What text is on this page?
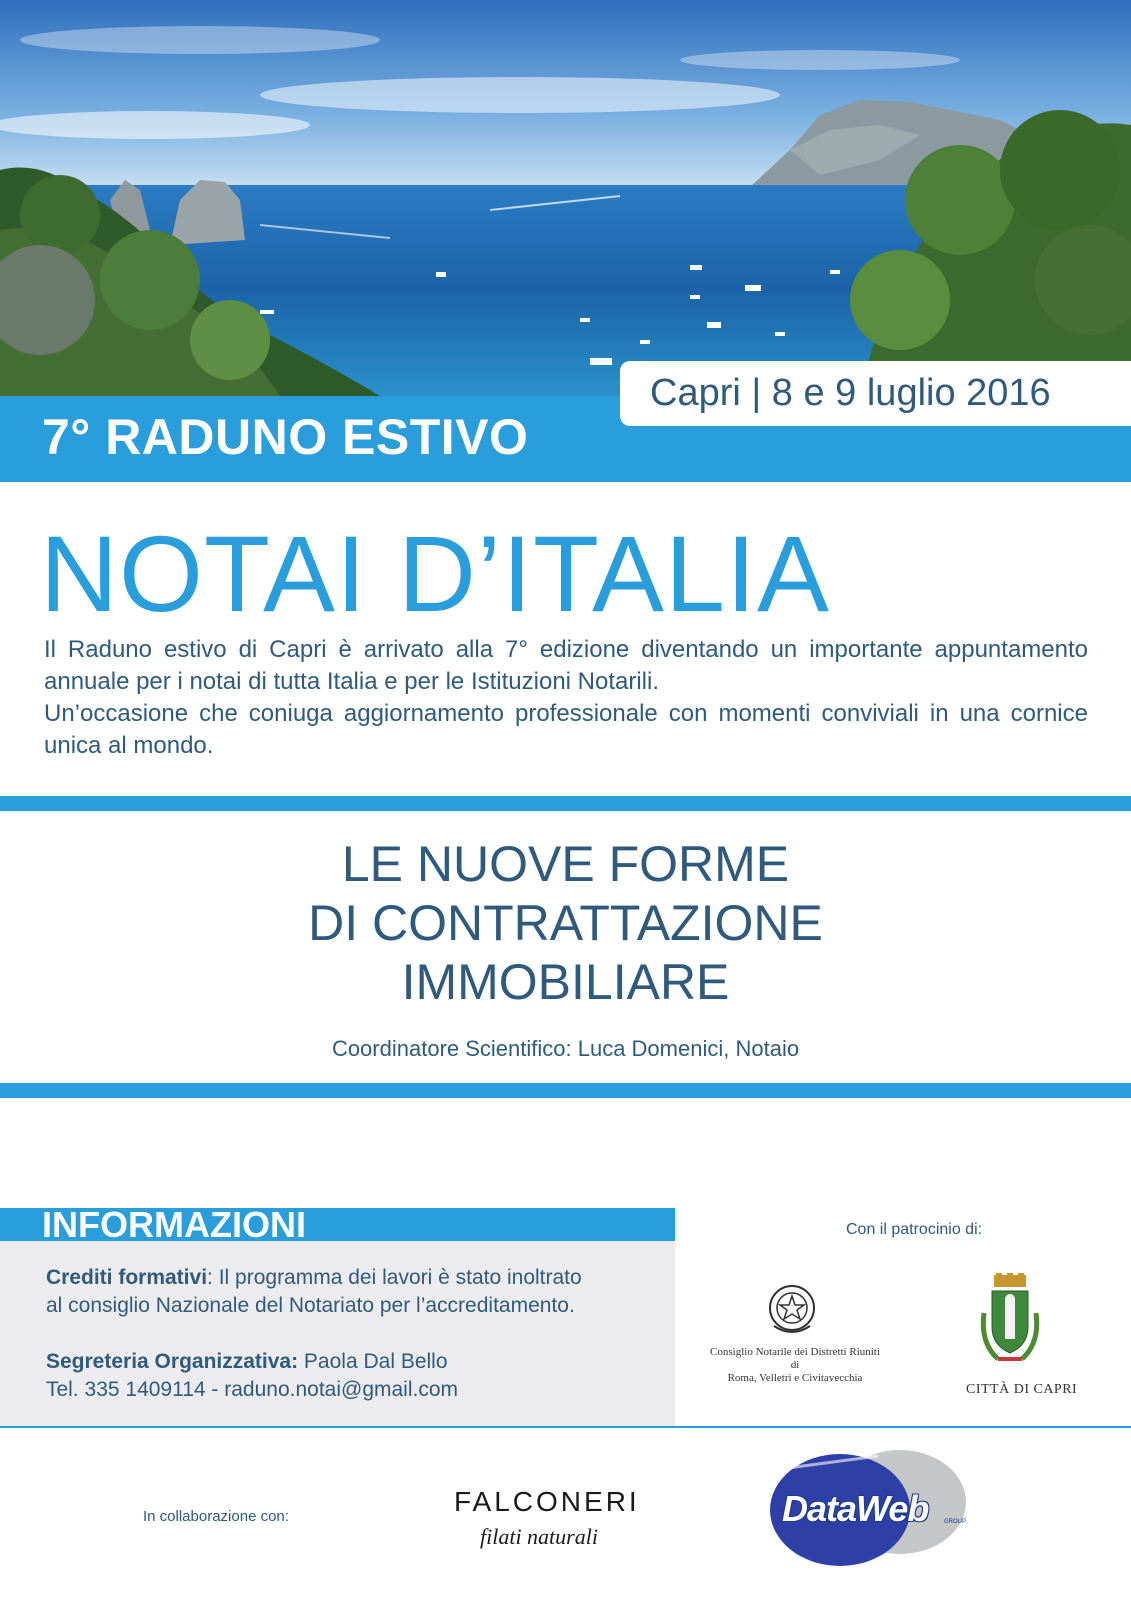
7° RADUNO ESTIVO
Capri | 8 e 9 luglio 2016
NOTAI D’ITALIA

Il Raduno estivo di Capri è arrivato alla 7° edizione diventando un importante appuntamento annuale per i notai di tutta Italia e per le Istituzioni Notarili.

Un’occasione che coniuga aggiornamento professionale con momenti conviviali in una cornice unica al mondo.

LE NUOVE FORME
DI CONTRATTAZIONE
IMMOBILIARE
Coordinatore Scientifico: Luca Domenici, Notaio
INFORMAZIONI
Crediti formativi: Il programma dei lavori è stato inoltrato
al consiglio Nazionale del Notariato per l’accreditamento.
Segreteria Organizzativa: Paola Dal Bello
Tel. 335 1409114 - raduno.notai@gmail.com
Con il patrocinio di:
Consiglio Notarile dei Distretti Riuniti
di
Roma, Velletri e Civitavecchia
CITTÀ DI CAPRI
In collaborazione con:	FALCONERI
filati naturali
DataWeb	GROUP
